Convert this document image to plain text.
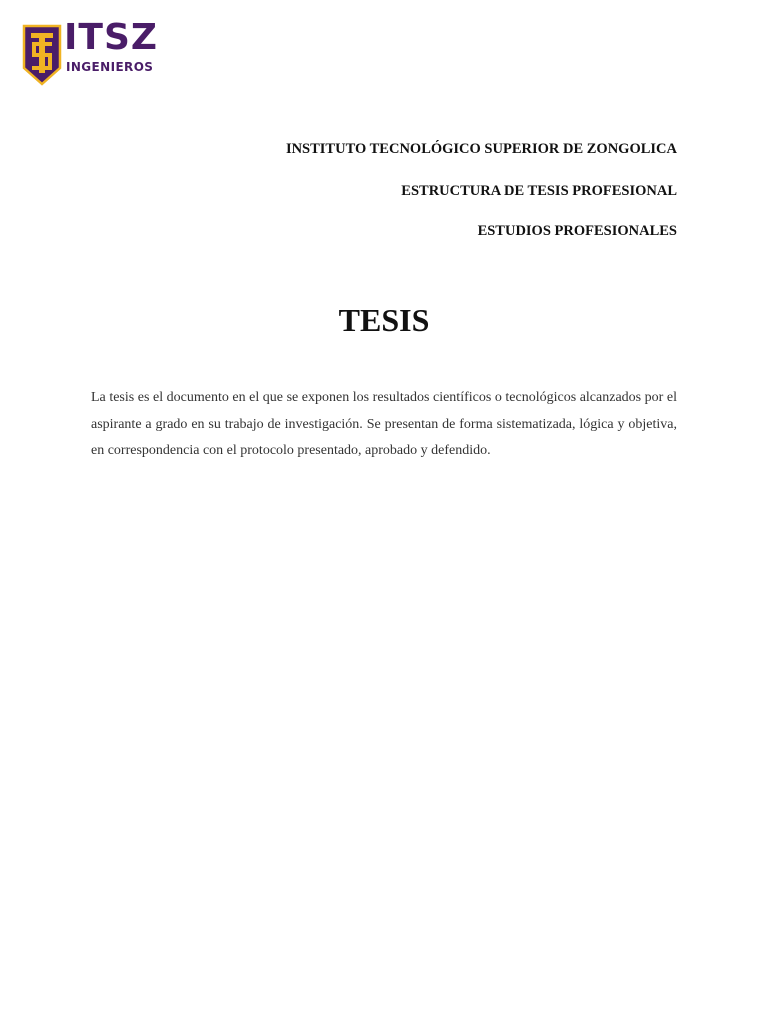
ITSZ
INGENIEROS
INSTITUTO TECNOLÓGICO SUPERIOR DE ZONGOLICA
ESTRUCTURA DE TESIS PROFESIONAL
ESTUDIOS PROFESIONALES
TESIS

La tesis es el documento en el que se exponen los resultados científicos o tecnológicos alcanzados por el aspirante a grado en su trabajo de investigación. Se presentan de forma sistematizada, lógica y objetiva, en correspondencia con el protocolo presentado, aprobado y defendido.
